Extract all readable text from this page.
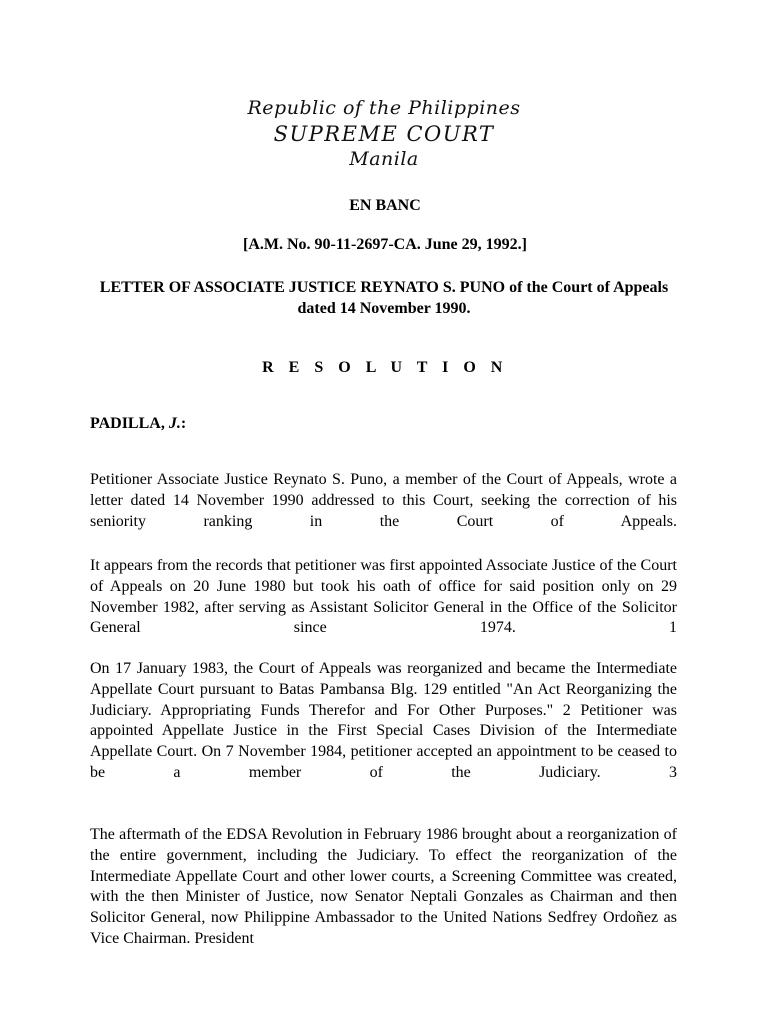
Republic of the Philippines
SUPREME COURT
Manila
EN BANC
[A.M. No. 90-11-2697-CA. June 29, 1992.]
LETTER OF ASSOCIATE JUSTICE REYNATO S. PUNO of the Court of Appeals dated 14 November 1990.
R E S O L U T I O N
PADILLA, J.:
Petitioner Associate Justice Reynato S. Puno, a member of the Court of Appeals, wrote a letter dated 14 November 1990 addressed to this Court, seeking the correction of his seniority ranking in the Court of Appeals.
It appears from the records that petitioner was first appointed Associate Justice of the Court of Appeals on 20 June 1980 but took his oath of office for said position only on 29 November 1982, after serving as Assistant Solicitor General in the Office of the Solicitor General since 1974. 1
On 17 January 1983, the Court of Appeals was reorganized and became the Intermediate Appellate Court pursuant to Batas Pambansa Blg. 129 entitled "An Act Reorganizing the Judiciary. Appropriating Funds Therefor and For Other Purposes." 2 Petitioner was appointed Appellate Justice in the First Special Cases Division of the Intermediate Appellate Court. On 7 November 1984, petitioner accepted an appointment to be ceased to be a member of the Judiciary. 3
The aftermath of the EDSA Revolution in February 1986 brought about a reorganization of the entire government, including the Judiciary. To effect the reorganization of the Intermediate Appellate Court and other lower courts, a Screening Committee was created, with the then Minister of Justice, now Senator Neptali Gonzales as Chairman and then Solicitor General, now Philippine Ambassador to the United Nations Sedfrey Ordoñez as Vice Chairman. President
